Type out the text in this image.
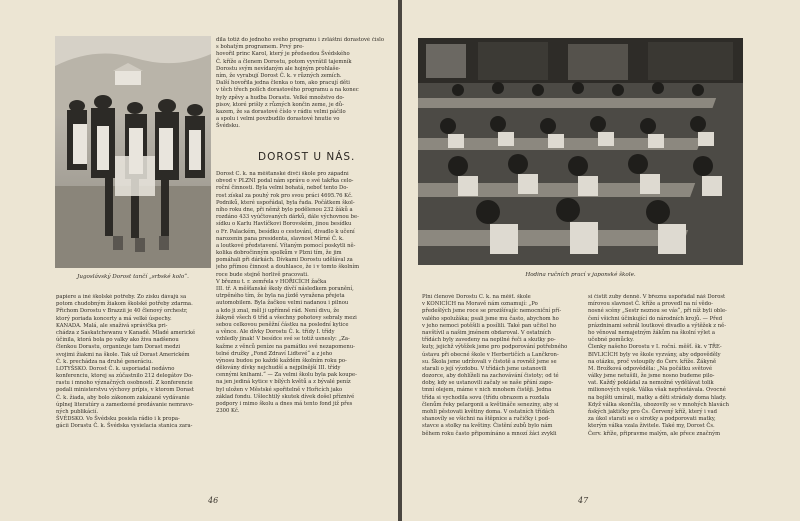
Jugoslávský Dorost tančí „srbské kolo“.

dila totiž do jednoho svého programu i zvláštní dorastové číslo s bohatým programem. Prvý pre-

hovořil princ Karol, který je předsedou Švédského

Č. kříže a členem Dorostu, potom vyvrátil tajemník

Dorostu svým nevídaným ale hojným prohlaše-

ním, že vyrabují Dorost Č. k. v různých zemích.

Další hovořila jedna členka o tom, ako pracují děti

v těch třech polích dorastového programu a na konec

byly zpěvy a hudba Dorastu. Velké množstvo do-

pisov, ktoré prišly z různých končin zeme, je dů-

kazem, že sa dorastové číslo v rádiu velmi páčilo

a spolu i velmi povzbudilo dorastové hnutie vo

Švédsku.

DOROST U NÁS.

Dorost Č. k. na měšťanské dívčí škole pro západní

obvod v PLZNI podal nám správu o své takřka celo-

roční činnosti. Byla velmi bohatá, neboť tento Do-

rost získal za pouhý rok pro svou práci 4695.76 Kč.

Podniků, které uspořádal, byla řada. Počátkem škol-

ního roku dne, při němž bylo podělenou 232 žáků a

rozdáno 433 vyúčtovaných dárků, dále výchovnou be-

sídku o Karlu Havlíčkovi Borovském, jinou besídku

o Fr. Palackém, besídku o cestování, divadlo k učení

narozenin pana presidenta, slavnost Mírné Č. k.

a loutkové představení. Vítaným pomocí poskytli ně-

kolika dobročinným spolkům v Plzni tím, že jim

pomáhali při dárkách. Dívkami Dorostu udělával za

jeho přímou činnost a douhlasce, že i v tomto školním

roce bude stejně horlivě pracovati.

V březnu t. r. zemřela v HOŘICÍCH žačka

III. tř. A měšťanské školy dívčí následkem poranění,

utrpěného tím, že byla na jízdě vyražena přejeta

automobilem. Byla žačkou velmi nadanou i pilnou

a kdo ji znal, měl ji upřímně rád. Není divu, že

žákyně všech 6 tříd a všechny pohotovy sebraly mezi

sebou celkovou peněžní částku na poslední kytice

a věnce. Ale dívky Dorostu Č. k. třídy I. třídy

vzhledly jinak! V besídce své se totiž usnesly: „Za-

kažme z věnců peníze na památku své nezapomenu-

telné družky „Fond Zdraví Lidtevé“ a z jeho

výnosu budou po každé každém školním roku po-

dělovány dívky nejchudší a nejpilnější III. třídy

cennými knihami.“ — Za velmi školu byla pak koupe-

na jen jediná kytice v bílých květů a z bývalé peníz

byl uložen v Městské spořitelně v Hořicích jako

základ fondu. Ušlechtilý skutek dívek došel příznivé

podpory i mimo školu a dnes má tento fond již přes

2300 Kč.

papiere a iné školské potřeby. Zo zisku dávajú sa

potom chudobným žiakom školské potřeby zdarma.

Přichom Dorostu v Brazzii je 40 členový orchestr,

ktorý poriada koncerty a má velké úspechy.

KANADA. Malá, ale snaživá správička pri-

chádza z Saskatchewanu v Kanadě. Mladé americké

účinila, ktorá bola po valky ako živa nadšenou

členkou Dorastu, organizuje tam Dorast medzi

svojimi žiakmi na škole. Tak už Dorast Americkém

Č. k. prechádza na druhé generáciu.

LOTYŠSKO. Dorost Č. k. usporiadal nedávno

konferenciu, ktorej sa zúčastnilo 212 delegátov Do-

rastu i mnoho význačných osobností. Z konferencie

podali ministerstvu výchovy prípis, v ktorom Dorast

Č. k. žiada, aby bolo zákonom zakázané vydávanie

úplnej literatúry a zamedzené predávanie nemravo-

ných publikácií.

ŠVÉDSKO. Vo Švédsku posiela rádio i k propa-

gácii Dorastu Č. k. Švédska vysielacia stanica zara-

46
Hodina ručních prací v japonské škole.

Plní členové Dorostu Č. k. na měšť. škole

v KONICÍCH na Moravě nám oznamují: „Po

předešlých jsme roce se prozišívajíc nemocniční pří-

valého spolužáka; psali jsme mu často, abychom ho

v jeho nemoci potěšili a posílili. Také pan učitel ho

navštívil a našim jménem obdaroval. V ostatních

třídách byly zavedeny na nepilné řeči a skutky po-

kuty, jejichž výtěžek jsme pro podporování potřebného

ústavu při obecné škole v Herbertičích a Lančkron-

su. Škola jsme udržovali v čistotě a rovněž jsme se

starali o její výzdobu. V třídách jsme ustanovili

dozorce, aby dohlíželi na zachovávání čistoty; od té

doby, kdy se ustanovili začaly se naše přání zapo-

tmní olejem, máme v nich mnohem čistěji. Jedna

třída si vychodila sovu (třídu obrazem a rozdala

členům řeky pelargonii a květináče seneziny, aby si

mohli pěstovati květiny doma. V ostatních třídách

shanovíly se všichni na štěpnice a ručičky i pod-

stavce a stolky na květiny. Čistění zubů bylo nám

během roku často připomínáno a mnozí žáci zvykli

si čistit zuby denně. V březnu uspořádal náš Dorost

mírovou slavnost Č. kříže a provedl na ní vědo-

nosné scény „Sestr neznou se vás“, při níž byli oble-

čení všichni účinkující do národních krojů. — Před

prázdninami sehrál loutkové divadlo a výtěžek z ně-

ho věnoval nemajetným žákům na školní výlet a

učebné pomůcky.

Členky našeho Dorostu v I. roční. měšť. šk. v TŘE-

BIVLICÍCH byly ve škole vyzvány, aby odpověděly

na otázku, proč vstoupily do Červ. kříže. Žákyně

M. Brožková odpověděla: „Na počátku světové

války jsme netušili, že jsme nosno budeme pilo-

vat. Každý pokládal za nemožné vydělávat tolik

milionových vojsk. Válka však nepřestávala. Ovocné

na bojišti umírali, matky a děti strádaly doma hlady.

Když válka skončila, ubozovily se v mnohých hlavách

ňských jaktičky pro Čs. Červený kříž, který i vad

za úkol starati se o sirotky a podporovati matky,

kterým válka vzala živitele. Také my, Dorost Čs.

Červ. kříže, připravme malým, ale přece značným

47
